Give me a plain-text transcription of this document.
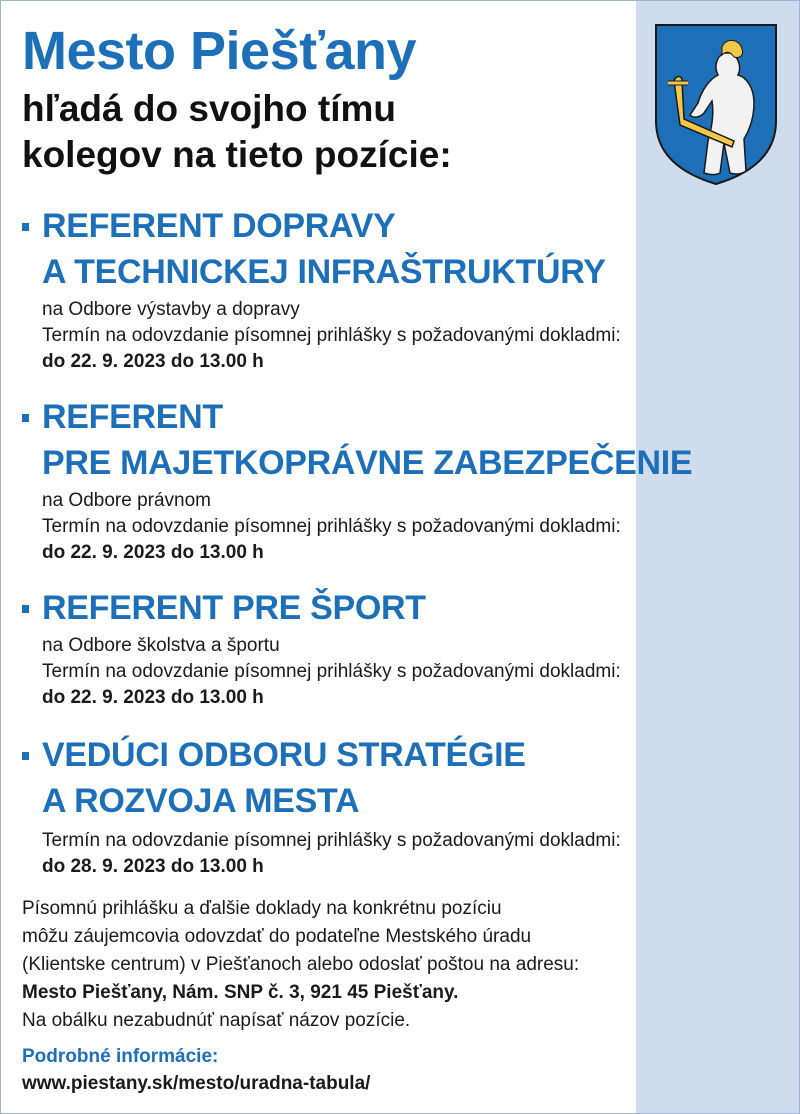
Mesto Piešťany
hľadá do svojho tímu
kolegov na tieto pozície:
REFERENT DOPRAVY
A TECHNICKEJ INFRAŠTRUKTÚRY
na Odbore výstavby a dopravy
Termín na odovzdanie písomnej prihlášky s požadovanými dokladmi:
do 22. 9. 2023 do 13.00 h
REFERENT
PRE MAJETKOPRÁVNE ZABEZPEČENIE
na Odbore právnom
Termín na odovzdanie písomnej prihlášky s požadovanými dokladmi:
do 22. 9. 2023 do 13.00 h
REFERENT PRE ŠPORT
na Odbore školstva a športu
Termín na odovzdanie písomnej prihlášky s požadovanými dokladmi:
do 22. 9. 2023 do 13.00 h
VEDÚCI ODBORU STRATÉGIE
A ROZVOJA MESTA
Termín na odovzdanie písomnej prihlášky s požadovanými dokladmi:
do 28. 9. 2023 do 13.00 h
Písomnú prihlášku a ďalšie doklady na konkrétnu pozíciu
môžu záujemcovia odovzdať do podateľne Mestského úradu
(Klientske centrum) v Piešťanoch alebo odoslať poštou na adresu:
Mesto Piešťany, Nám. SNP č. 3, 921 45 Piešťany.
Na obálku nezabudnúť napísať názov pozície.
Podrobné informácie:
www.piestany.sk/mesto/uradna-tabula/
